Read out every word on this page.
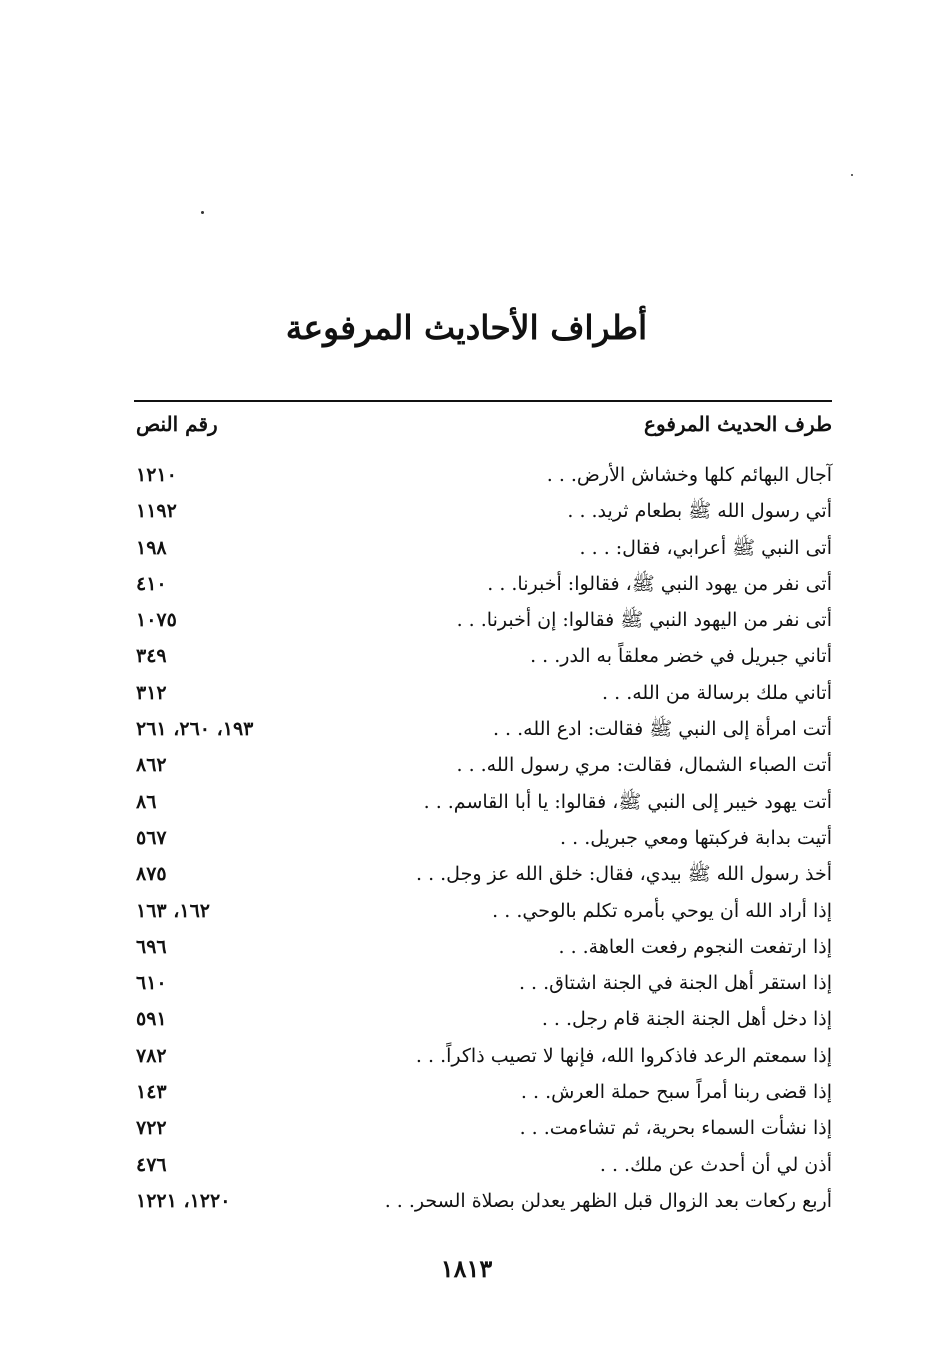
أطراف الأحاديث المرفوعة
طرف الحديث المرفوع
رقم النص
آجال البهائم كلها وخشاش الأرض. . .
١٢١٠
أتي رسول الله ﷺ بطعام ثريد. . .
١١٩٢
أتى النبي ﷺ أعرابي، فقال: . . .
١٩٨
أتى نفر من يهود النبي ﷺ، فقالوا: أخبرنا. . .
٤١٠
أتى نفر من اليهود النبي ﷺ فقالوا: إن أخبرنا. . .
١٠٧٥
أتاني جبريل في خضر معلقاً به الدر. . .
٣٤٩
أتاني ملك برسالة من الله. . .
٣١٢
أتت امرأة إلى النبي ﷺ فقالت: ادع الله. . .
١٩٣، ٢٦٠، ٢٦١
أتت الصباء الشمال، فقالت: مري رسول الله. . .
٨٦٢
أتت يهود خيبر إلى النبي ﷺ، فقالوا: يا أبا القاسم. . .
٨٦
أتيت بدابة فركبتها ومعي جبريل. . .
٥٦٧
أخذ رسول الله ﷺ بيدي، فقال: خلق الله عز وجل. . .
٨٧٥
إذا أراد الله أن يوحي بأمره تكلم بالوحي. . .
١٦٢، ١٦٣
إذا ارتفعت النجوم رفعت العاهة. . .
٦٩٦
إذا استقر أهل الجنة في الجنة اشتاق. . .
٦١٠
إذا دخل أهل الجنة الجنة قام رجل. . .
٥٩١
إذا سمعتم الرعد فاذكروا الله، فإنها لا تصيب ذاكراً. . .
٧٨٢
إذا قضى ربنا أمراً سبح حملة العرش. . .
١٤٣
إذا نشأت السماء بحرية، ثم تشاءمت. . .
٧٢٢
أذن لي أن أحدث عن ملك. . .
٤٧٦
أربع ركعات بعد الزوال قبل الظهر يعدلن بصلاة السحر. . .
١٢٢٠، ١٢٢١
١٨١٣
